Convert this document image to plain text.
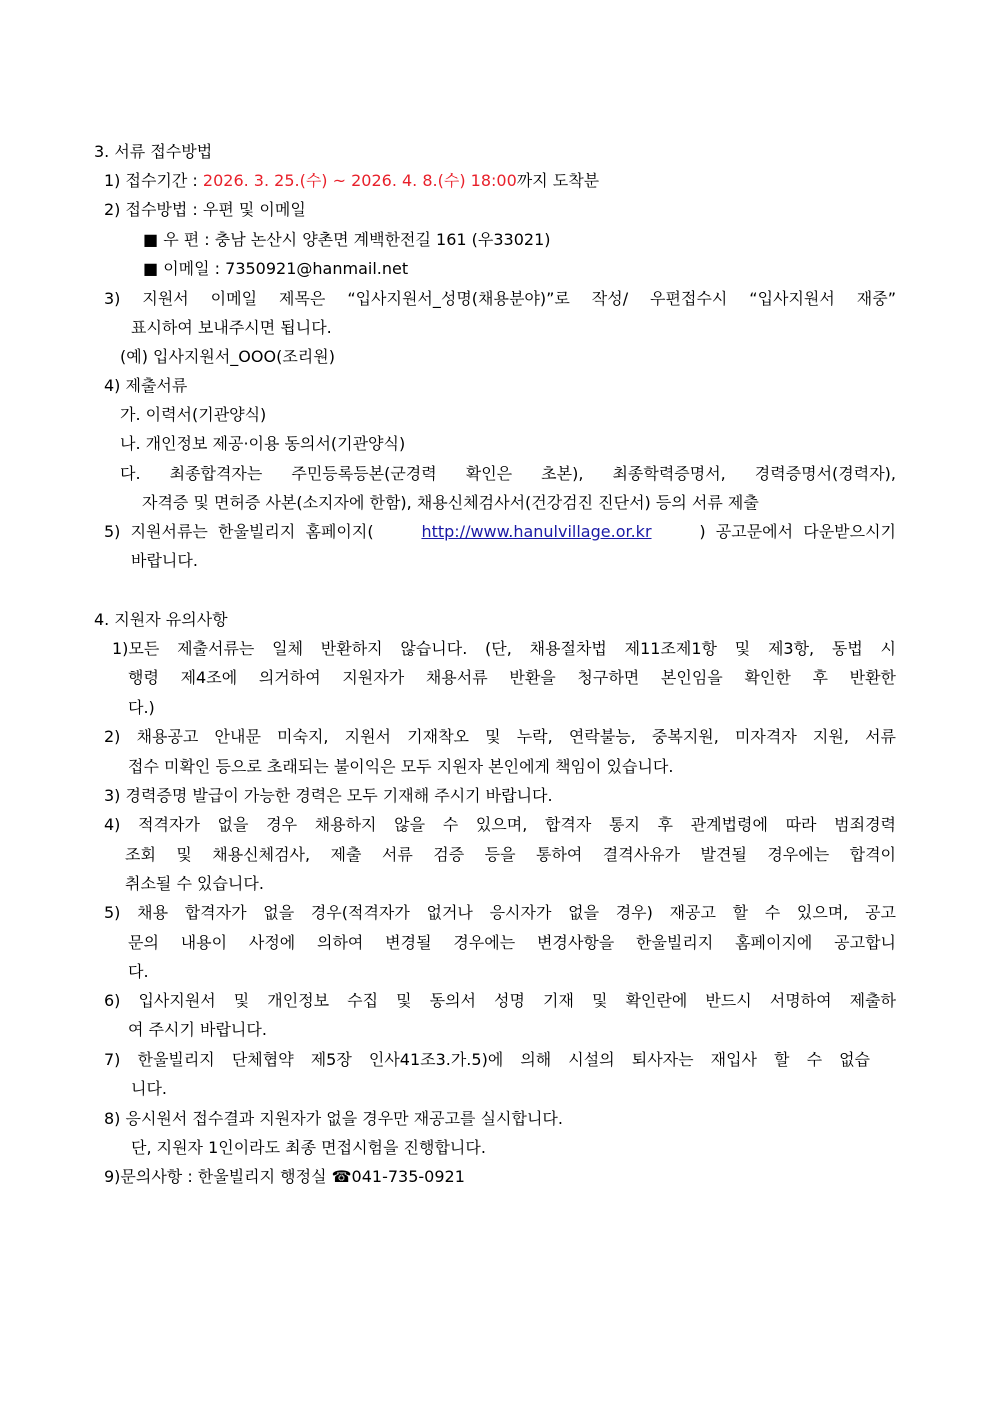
3. 서류 접수방법
1) 접수기간 : 2026. 3. 25.(수) ~ 2026. 4. 8.(수) 18:00까지 도착분
2) 접수방법 : 우편 및 이메일
■ 우 편 : 충남 논산시 양촌면 계백한전길 161 (우33021)
■ 이메일 : 7350921@hanmail.net
3) 지원서 이메일 제목은 “입사지원서_성명(채용분야)”로 작성/ 우편접수시 “입사지원서 재중”
표시하여 보내주시면 됩니다.
(예) 입사지원서_OOO(조리원)
4) 제출서류
가. 이력서(기관양식)
나. 개인정보 제공·이용 동의서(기관양식)
다. 최종합격자는 주민등록등본(군경력 확인은 초본), 최종학력증명서, 경력증명서(경력자),
자격증 및 면허증 사본(소지자에 한함), 채용신체검사서(건강검진 진단서) 등의 서류 제출
5)  지원서류는  한울빌리지  홈페이지(	http://www.hanulvillage.or.kr	)  공고문에서  다운받으시기
바랍니다.
4. 지원자 유의사항
1)모든 제출서류는 일체 반환하지 않습니다. (단, 채용절차법 제11조제1항 및 제3항, 동법 시
행령 제4조에 의거하여 지원자가 채용서류 반환을 청구하면 본인임을 확인한 후 반환한
다.)
2) 채용공고 안내문 미숙지, 지원서 기재착오 및 누락, 연락불능, 중복지원, 미자격자 지원, 서류
접수 미확인 등으로 초래되는 불이익은 모두 지원자 본인에게 책임이 있습니다.
3) 경력증명 발급이 가능한 경력은 모두 기재해 주시기 바랍니다.
4) 적격자가 없을 경우 채용하지 않을 수 있으며, 합격자 통지 후 관계법령에 따라 범죄경력
조회 및 채용신체검사, 제출 서류 검증 등을 통하여 결격사유가 발견될 경우에는 합격이
취소될 수 있습니다.
5) 채용 합격자가 없을 경우(적격자가 없거나 응시자가 없을 경우) 재공고 할 수 있으며, 공고
문의 내용이 사정에 의하여 변경될 경우에는 변경사항을 한울빌리지 홈페이지에 공고합니
다.
6) 입사지원서 및 개인정보 수집 및 동의서 성명 기재 및 확인란에 반드시 서명하여 제출하
여 주시기 바랍니다.
7) 한울빌리지 단체협약 제5장 인사41조3.가.5)에 의해 시설의 퇴사자는 재입사 할 수 없습
니다.
8) 응시원서 접수결과 지원자가 없을 경우만 재공고를 실시합니다.
단, 지원자 1인이라도 최종 면접시험을 진행합니다.
9)문의사항 : 한울빌리지 행정실 ☎041-735-0921
